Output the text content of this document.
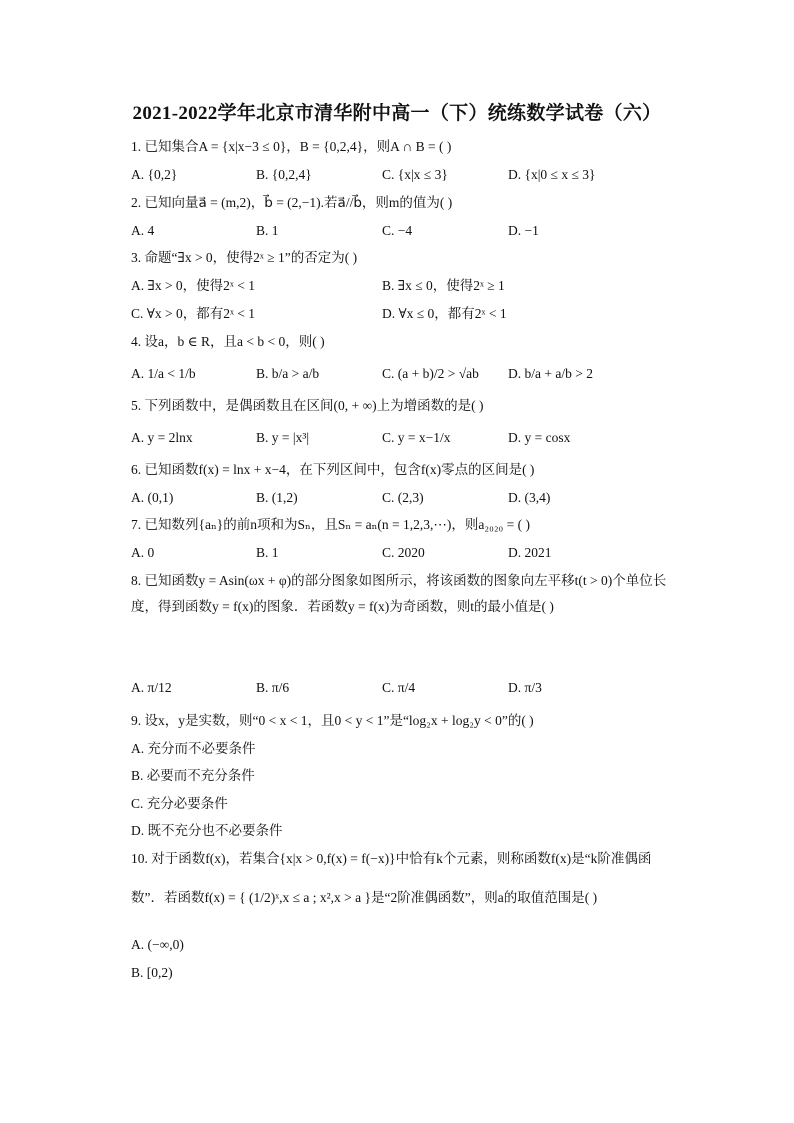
2021-2022学年北京市清华附中高一（下）统练数学试卷（六）
1. 已知集合A = {x|x−3 ≤ 0}，B = {0,2,4}，则A ∩ B = ( )
A. {0,2}	B. {0,2,4}	C. {x|x ≤ 3}	D. {x|0 ≤ x ≤ 3}
2. 已知向量a⃗ = (m,2)，b⃗ = (2,−1).若a⃗//b⃗，则m的值为( )
A. 4	B. 1	C. −4	D. −1
3. 命题“∃x > 0，使得2ˣ ≥ 1”的否定为( )
A. ∃x > 0，使得2ˣ < 1	B. ∃x ≤ 0，使得2ˣ ≥ 1
C. ∀x > 0，都有2ˣ < 1	D. ∀x ≤ 0，都有2ˣ < 1
4. 设a，b ∈ R，且a < b < 0，则( )
A. 1/a < 1/b	B. b/a > a/b	C. (a + b)/2 > √ab D. b/a + a/b > 2
5. 下列函数中，是偶函数且在区间(0, + ∞)上为增函数的是( )
A. y = 2lnx	B. y = |x³|	C. y = x−1/x	D. y = cosx
6. 已知函数f(x) = lnx + x−4，在下列区间中，包含f(x)零点的区间是( )
A. (0,1)	B. (1,2)	C. (2,3)	D. (3,4)
7. 已知数列{aₙ}的前n项和为Sₙ，且Sₙ = aₙ(n = 1,2,3,⋯)，则a₂₀₂₀ = ( )
A. 0	B. 1	C. 2020	D. 2021
8. 已知函数y = Asin(ωx + φ)的部分图象如图所示，将该函数的图象向左平移t(t > 0)个单位长
度，得到函数y = f(x)的图象．若函数y = f(x)为奇函数，则t的最小值是( )
A. π/12	B. π/6	C. π/4	D. π/3
9. 设x，y是实数，则“0 < x < 1，且0 < y < 1”是“log₂x + log₂y < 0”的( )
A. 充分而不必要条件
B. 必要而不充分条件
C. 充分必要条件
D. 既不充分也不必要条件
10. 对于函数f(x)，若集合{x|x > 0,f(x) = f(−x)}中恰有k个元素，则称函数f(x)是“k阶准偶函
数”．若函数f(x) = { (1/2)ˣ,x ≤ a ; x²,x > a }是“2阶准偶函数”，则a的取值范围是( )
A. (−∞,0)
B. [0,2)
